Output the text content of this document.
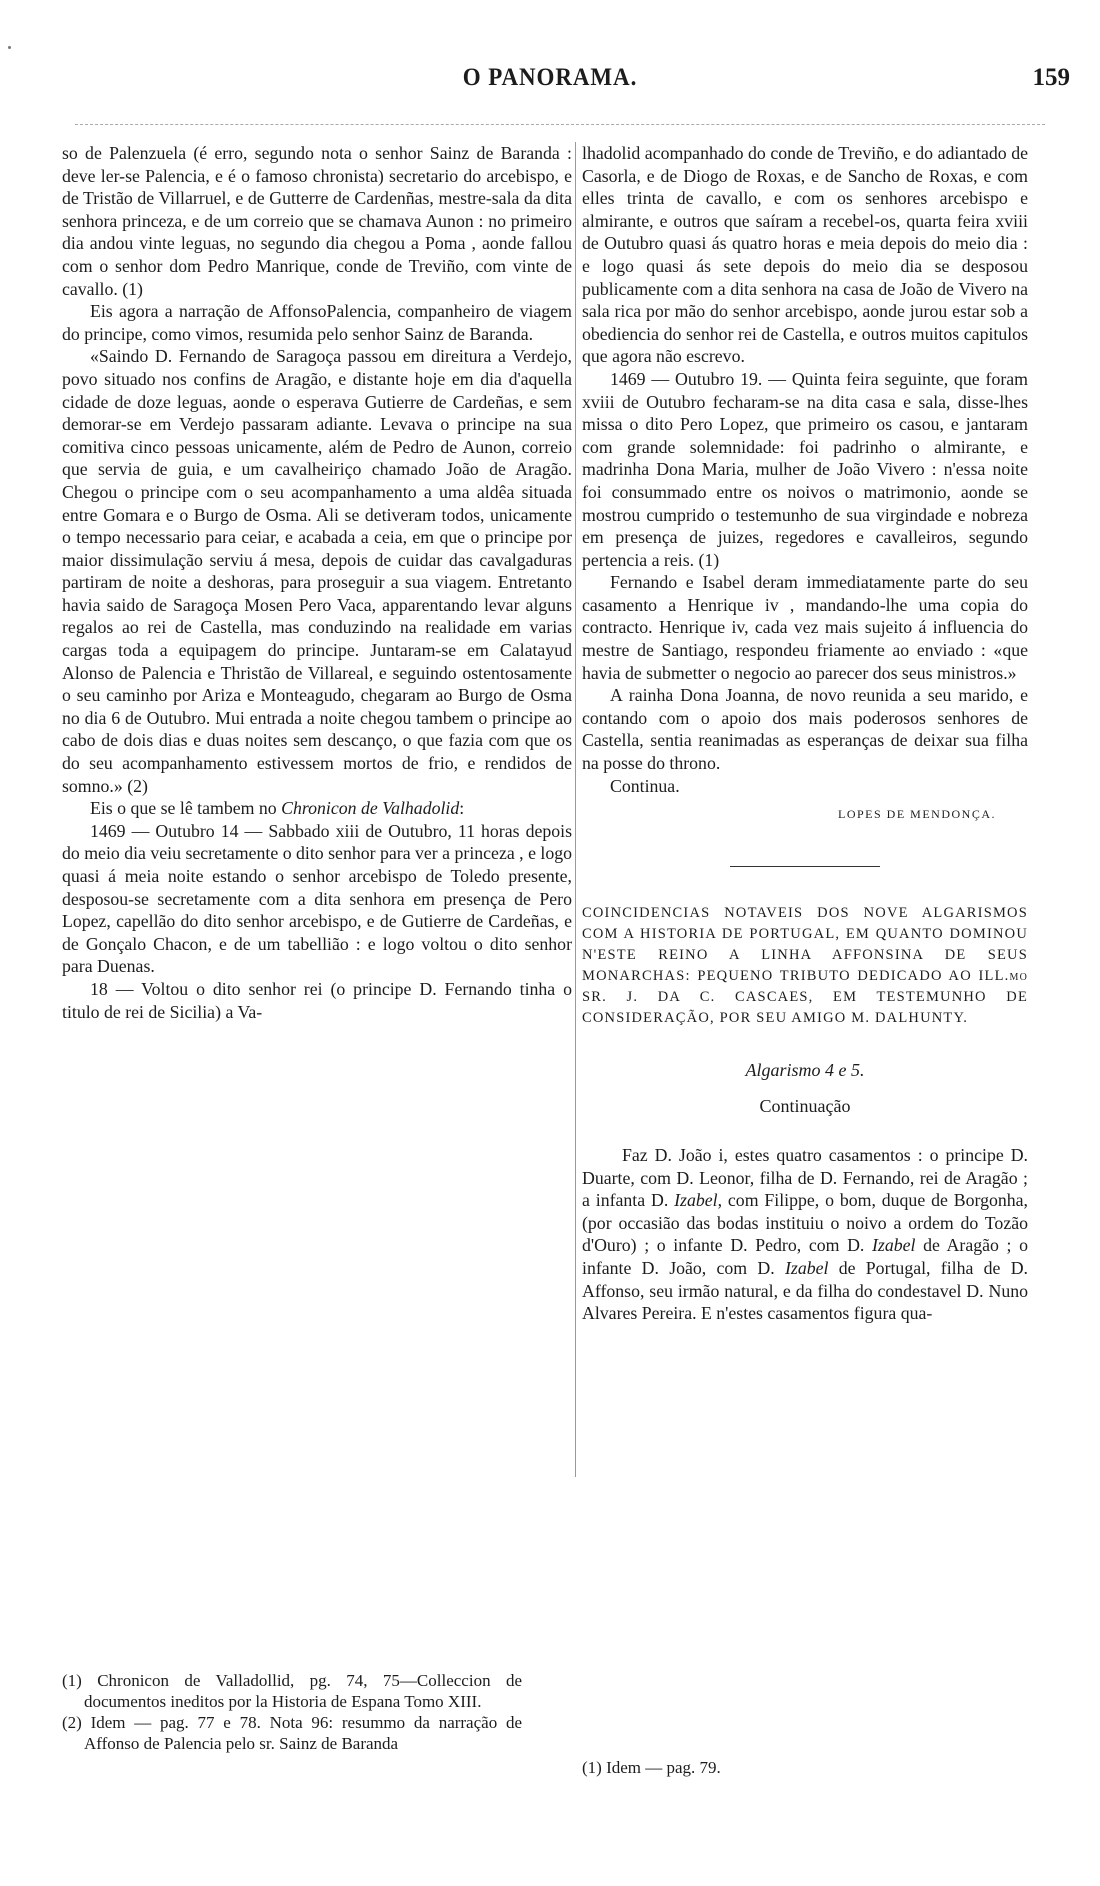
O PANORAMA.	159

so de Palenzuela (é erro, segundo nota o senhor Sainz de Baranda : deve ler-se Palencia, e é o famoso chronista) secretario do arcebispo, e de Tristão de Villarruel, e de Gutterre de Cardenñas, mestre-sala da dita senhora princeza, e de um correio que se chamava Aunon : no primeiro dia andou vinte leguas, no segundo dia chegou a Poma , aonde fallou com o senhor dom Pedro Manrique, conde de Treviño, com vinte de cavallo. (1)

Eis agora a narração de AffonsoPalencia, companheiro de viagem do principe, como vimos, resumida pelo senhor Sainz de Baranda.

«Saindo D. Fernando de Saragoça passou em direitura a Verdejo, povo situado nos confins de Aragão, e distante hoje em dia d'aquella cidade de doze leguas, aonde o esperava Gutierre de Cardeñas, e sem demorar-se em Verdejo passaram adiante. Levava o principe na sua comitiva cinco pessoas unicamente, além de Pedro de Aunon, correio que servia de guia, e um cavalheiriço chamado João de Aragão. Chegou o principe com o seu acompanhamento a uma aldêa situada entre Gomara e o Burgo de Osma. Ali se detiveram todos, unicamente o tempo necessario para ceiar, e acabada a ceia, em que o principe por maior dissimulação serviu á mesa, depois de cuidar das cavalgaduras partiram de noite a deshoras, para proseguir a sua viagem. Entretanto havia saido de Saragoça Mosen Pero Vaca, apparentando levar alguns regalos ao rei de Castella, mas conduzindo na realidade em varias cargas toda a equipagem do principe. Juntaram-se em Calatayud Alonso de Palencia e Thristão de Villareal, e seguindo ostentosamente o seu caminho por Ariza e Monteagudo, chegaram ao Burgo de Osma no dia 6 de Outubro. Mui entrada a noite chegou tambem o principe ao cabo de dois dias e duas noites sem descanço, o que fazia com que os do seu acompanhamento estivessem mortos de frio, e rendidos de somno.» (2)

Eis o que se lê tambem no Chronicon de Valhadolid:

1469 — Outubro 14 — Sabbado xiii de Outubro, 11 horas depois do meio dia veiu secretamente o dito senhor para ver a princeza , e logo quasi á meia noite estando o senhor arcebispo de Toledo presente, desposou-se secretamente com a dita senhora em presença de Pero Lopez, capellão do dito senhor arcebispo, e de Gutierre de Cardeñas, e de Gonçalo Chacon, e de um tabellião : e logo voltou o dito senhor para Duenas.

18 — Voltou o dito senhor rei (o principe D. Fernando tinha o titulo de rei de Sicilia) a Va-

(1) Chronicon de Valladollid, pg. 74, 75—Colleccion de documentos ineditos por la Historia de Espana Tomo XIII.

(2) Idem — pag. 77 e 78. Nota 96: resummo da narração de Affonso de Palencia pelo sr. Sainz de Baranda

lhadolid acompanhado do conde de Treviño, e do adiantado de Casorla, e de Diogo de Roxas, e de Sancho de Roxas, e com elles trinta de cavallo, e com os senhores arcebispo e almirante, e outros que saíram a recebel-os, quarta feira xviii de Outubro quasi ás quatro horas e meia depois do meio dia : e logo quasi ás sete depois do meio dia se desposou publicamente com a dita senhora na casa de João de Vivero na sala rica por mão do senhor arcebispo, aonde jurou estar sob a obediencia do senhor rei de Castella, e outros muitos capitulos que agora não escrevo.

1469 — Outubro 19. — Quinta feira seguinte, que foram xviii de Outubro fecharam-se na dita casa e sala, disse-lhes missa o dito Pero Lopez, que primeiro os casou, e jantaram com grande solemnidade: foi padrinho o almirante, e madrinha Dona Maria, mulher de João Vivero : n'essa noite foi consummado entre os noivos o matrimonio, aonde se mostrou cumprido o testemunho de sua virgindade e nobreza em presença de juizes, regedores e cavalleiros, segundo pertencia a reis. (1)

Fernando e Isabel deram immediatamente parte do seu casamento a Henrique iv , mandando-lhe uma copia do contracto. Henrique iv, cada vez mais sujeito á influencia do mestre de Santiago, respondeu friamente ao enviado : «que havia de submetter o negocio ao parecer dos seus ministros.»

A rainha Dona Joanna, de novo reunida a seu marido, e contando com o apoio dos mais poderosos senhores de Castella, sentia reanimadas as esperanças de deixar sua filha na posse do throno.

Continua.

LOPES DE MENDONÇA.
COINCIDENCIAS NOTAVEIS DOS NOVE ALGARISMOS COM A HISTORIA DE PORTUGAL, EM QUANTO DOMINOU N'ESTE REINO A LINHA AFFONSINA DE SEUS MONARCHAS: PEQUENO TRIBUTO DEDICADO AO ILL.mo SR. J. DA C. CASCAES, EM TESTEMUNHO DE CONSIDERAÇÃO, POR SEU AMIGO M. DALHUNTY.
Algarismo 4 e 5.
Continuação

Faz D. João i, estes quatro casamentos : o principe D. Duarte, com D. Leonor, filha de D. Fernando, rei de Aragão ; a infanta D. Izabel, com Filippe, o bom, duque de Borgonha, (por occasião das bodas instituiu o noivo a ordem do Tozão d'Ouro) ; o infante D. Pedro, com D. Izabel de Aragão ; o infante D. João, com D. Izabel de Portugal, filha de D. Affonso, seu irmão natural, e da filha do condestavel D. Nuno Alvares Pereira. E n'estes casamentos figura qua-

(1) Idem — pag. 79.
